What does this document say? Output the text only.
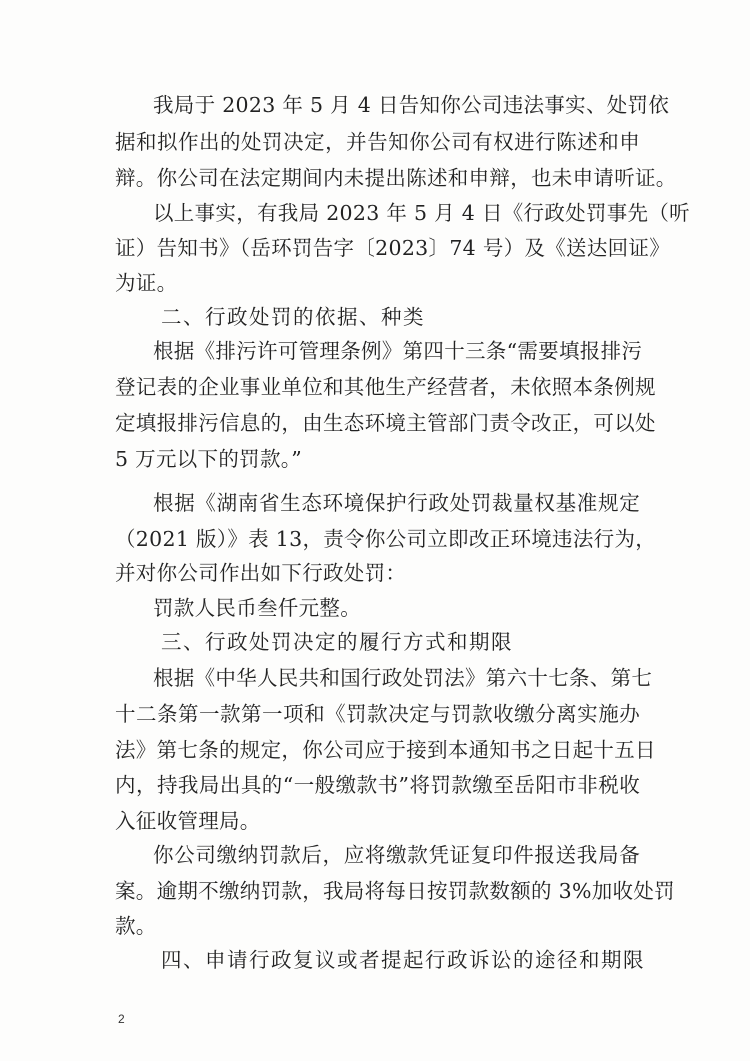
我局于 2023 年 5 月 4 日告知你公司违法事实、处罚依
据和拟作出的处罚决定，并告知你公司有权进行陈述和申
辩。你公司在法定期间内未提出陈述和申辩，也未申请听证。
以上事实，有我局 2023 年 5 月 4 日《行政处罚事先（听
证）告知书》（岳环罚告字〔2023〕74 号）及《送达回证》
为证。
二、行政处罚的依据、种类
根据《排污许可管理条例》第四十三条“需要填报排污
登记表的企业事业单位和其他生产经营者，未依照本条例规
定填报排污信息的，由生态环境主管部门责令改正，可以处
5 万元以下的罚款。”
根据《湖南省生态环境保护行政处罚裁量权基准规定
（2021 版）》表 13，责令你公司立即改正环境违法行为，
并对你公司作出如下行政处罚：
罚款人民币叁仟元整。
三、行政处罚决定的履行方式和期限
根据《中华人民共和国行政处罚法》第六十七条、第七
十二条第一款第一项和《罚款决定与罚款收缴分离实施办
法》第七条的规定，你公司应于接到本通知书之日起十五日
内，持我局出具的“一般缴款书”将罚款缴至岳阳市非税收
入征收管理局。
你公司缴纳罚款后，应将缴款凭证复印件报送我局备
案。逾期不缴纳罚款，我局将每日按罚款数额的 3%加收处罚
款。
四、申请行政复议或者提起行政诉讼的途径和期限
2
